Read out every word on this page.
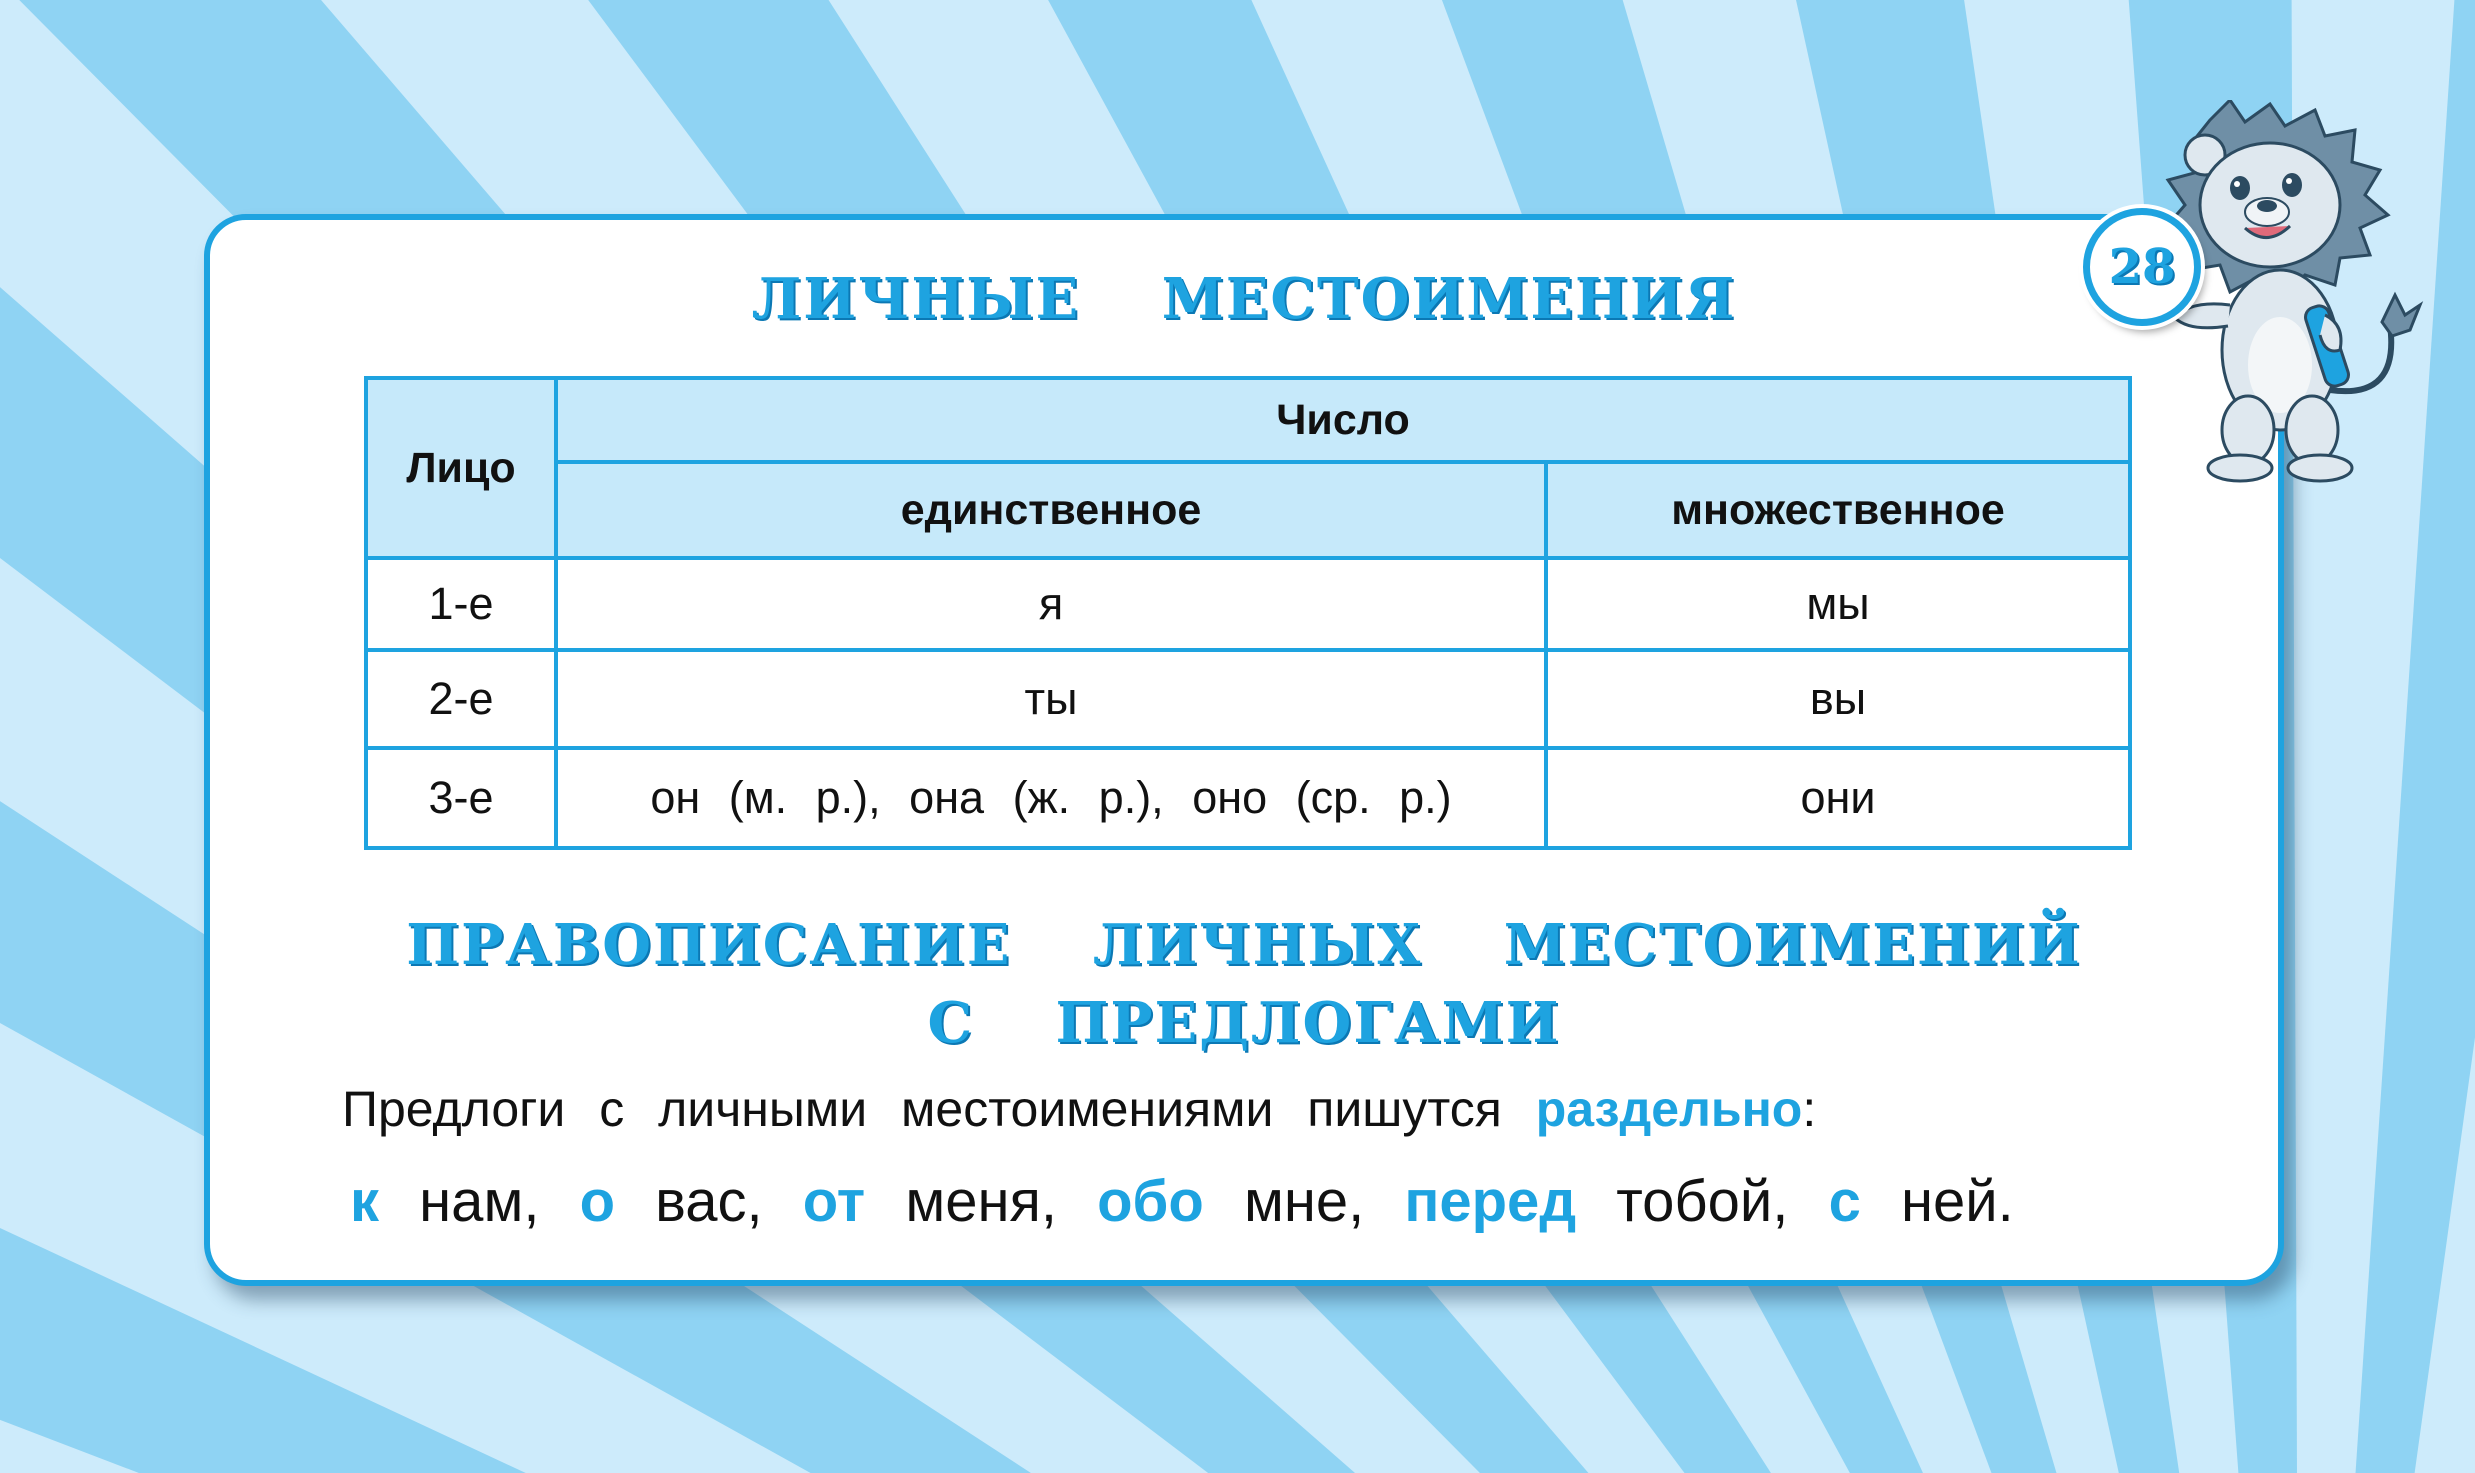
28
ЛИЧНЫЕ МЕСТОИМЕНИЯ
Лицо	Число	
	единственное	множественное
1-е	я	мы
2-е	ты	вы
3-е	он (м. р.), она (ж. р.), оно (ср. р.)	они
ПРАВОПИСАНИЕ ЛИЧНЫХ МЕСТОИМЕНИЙ
С ПРЕДЛОГАМИ
Предлоги с личными местоимениями пишутся раздельно:
к нам, о вас, от меня, обо мне, перед тобой, с ней.
